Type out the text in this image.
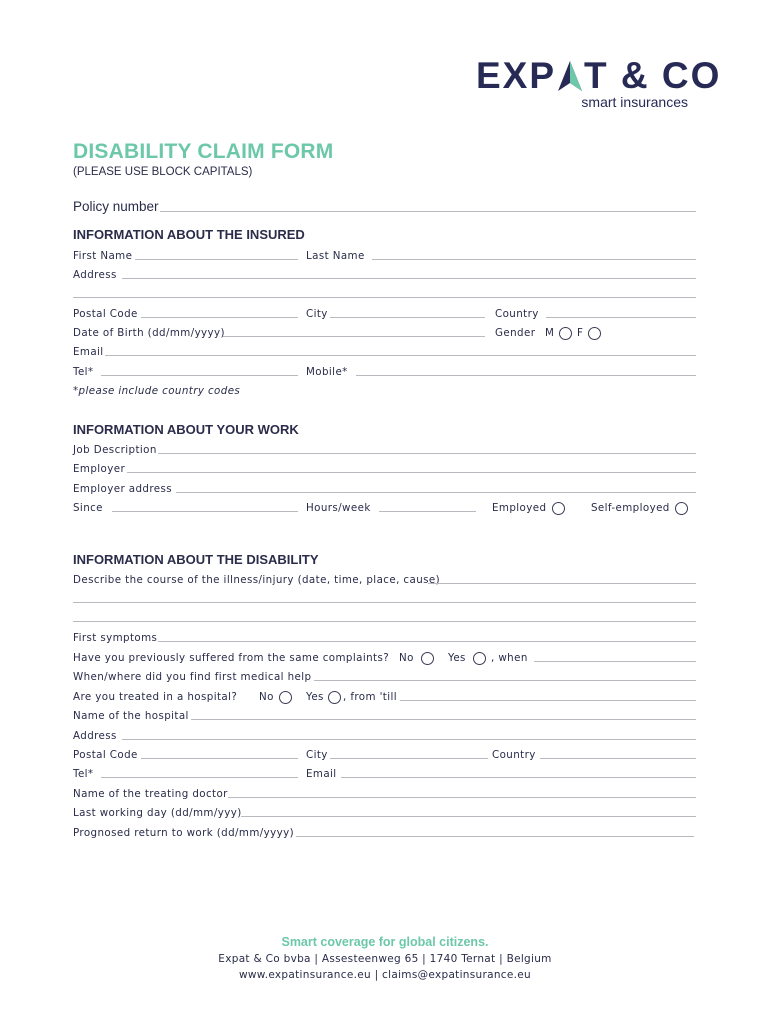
EXP T & CO
smart insurances
DISABILITY CLAIM FORM
(PLEASE USE BLOCK CAPITALS)
Policy number
INFORMATION ABOUT THE INSURED
First Name	Last Name
Address
Postal Code	City	Country
Date of Birth (dd/mm/yyyy)	Gender M F
Email
Tel*	Mobile*
*please include country codes
INFORMATION ABOUT YOUR WORK
Job Description
Employer
Employer address
Since	Hours/week	Employed	Self-employed
INFORMATION ABOUT THE DISABILITY
Describe the course of the illness/injury (date, time, place, cause)
First symptoms
Have you previously suffered from the same complaints? No	Yes , when
When/where did you find first medical help
Are you treated in a hospital? No	Yes , from 'till
Name of the hospital
Address
Postal Code	City	Country
Tel*	Email
Name of the treating doctor
Last working day (dd/mm/yyy)
Prognosed return to work (dd/mm/yyyy)
Smart coverage for global citizens.
Expat & Co bvba | Assesteenweg 65 | 1740 Ternat | Belgium
www.expatinsurance.eu | claims@expatinsurance.eu
